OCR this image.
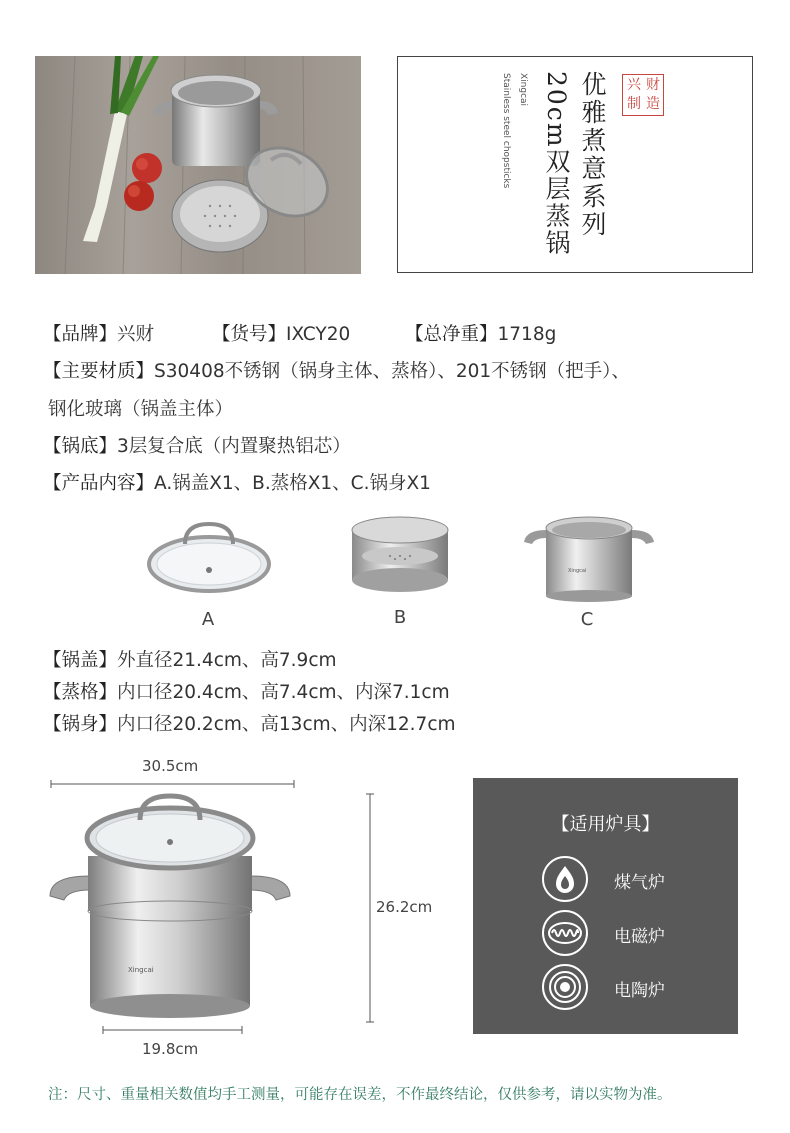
兴 财
制 造
优雅煮意系列
20cm双层蒸锅
Xingcai
Stainless steel chopsticks
【品牌】兴财	【货号】IXCY20	【总净重】1718g
【主要材质】S30408不锈钢（锅身主体、蒸格）、201不锈钢（把手）、
钢化玻璃（锅盖主体）
【锅底】3层复合底（内置聚热铝芯）
【产品内容】A.锅盖X1、B.蒸格X1、C.锅身X1
Xingcai
A	B	C
【锅盖】外直径21.4cm、高7.9cm
【蒸格】内口径20.4cm、高7.4cm、内深7.1cm
【锅身】内口径20.2cm、高13cm、内深12.7cm
Xingcai
30.5cm
26.2cm
19.8cm
【适用炉具】
煤气炉
电磁炉
电陶炉
注：尺寸、重量相关数值均手工测量，可能存在误差，不作最终结论，仅供参考，请以实物为准。
